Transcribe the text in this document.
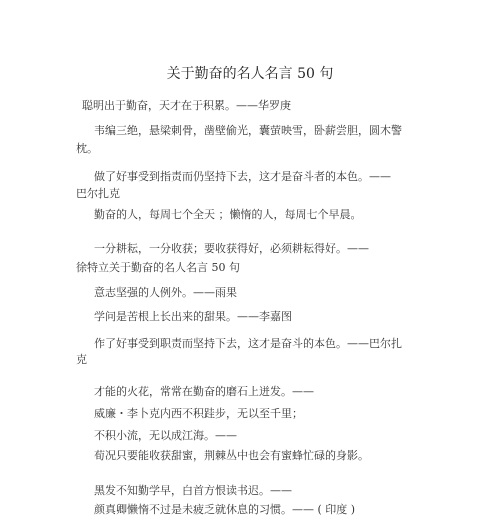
关于勤奋的名人名言 50 句
聪明出于勤奋，天才在于积累。——华罗庚
韦编三绝，悬梁刺骨，凿壁偷光，囊萤映雪，卧薪尝胆，圆木警
枕。
做了好事受到指责而仍坚持下去，这才是奋斗者的本色。——
巴尔扎克
勤奋的人，每周七个全天 ；懒惰的人，每周七个早晨。
一分耕耘，一分收获；要收获得好，必须耕耘得好。——
徐特立关于勤奋的名人名言 50 句
意志坚强的人例外。——雨果
学问是苦根上长出来的甜果。——李嘉图
作了好事受到职责而坚持下去，这才是奋斗的本色。——巴尔扎
克
才能的火花，常常在勤奋的磨石上迸发。——
威廉・李卜克内西不积跬步，无以至千里；
不积小流，无以成江海。——
荀况只要能收获甜蜜，荆棘丛中也会有蜜蜂忙碌的身影。
黑发不知勤学早，白首方恨读书迟。——
颜真卿懒惰不过是未疲乏就休息的习惯。—— ( 印度 )
